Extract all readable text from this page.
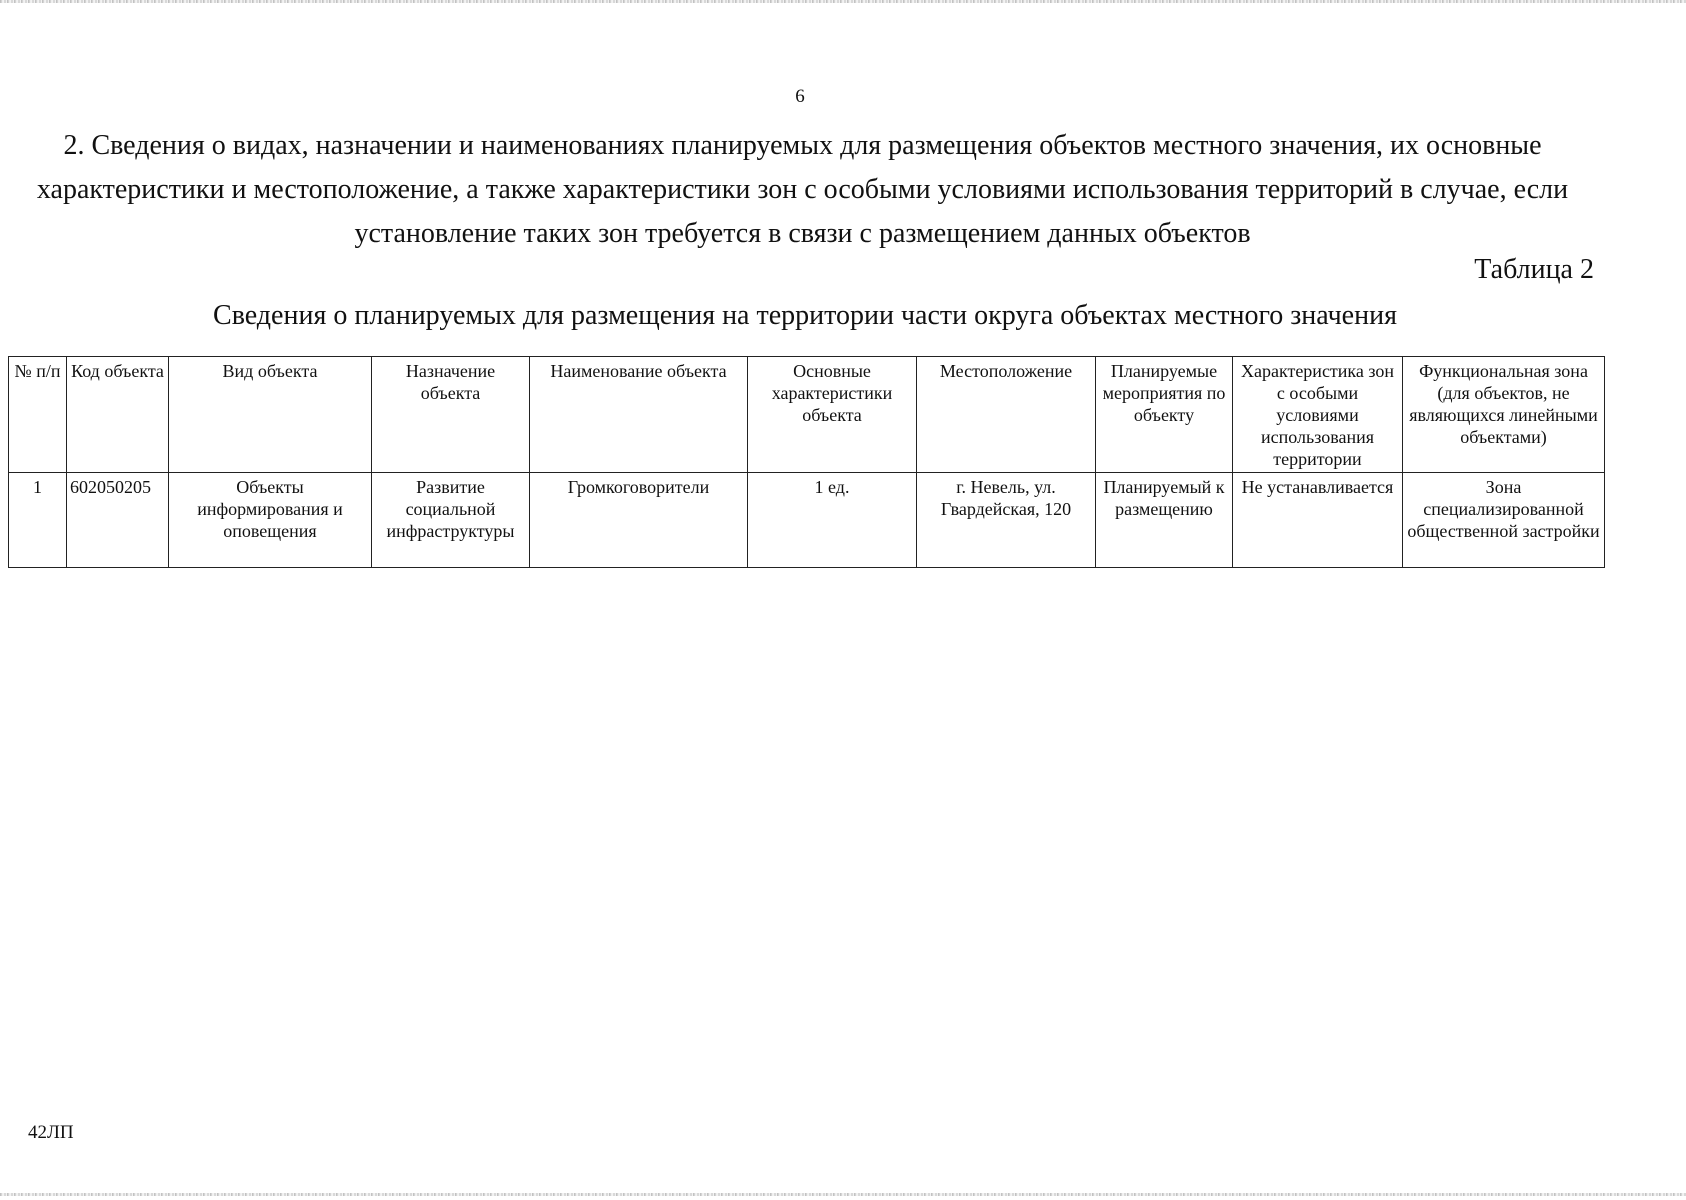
6
2. Сведения о видах, назначении и наименованиях планируемых для размещения объектов местного значения, их основные характеристики и местоположение, а также характеристики зон с особыми условиями использования территорий в случае, если установление таких зон требуется в связи с размещением данных объектов
Таблица 2
Сведения о планируемых для размещения на территории части округа объектах местного значения
№ п/п	Код объекта	Вид объекта	Назначение объекта	Наименование объекта	Основные характеристики объекта	Местоположение	Планируемые мероприятия по объекту	Характеристика зон с особыми условиями использования территории	Функциональная зона (для объектов, не являющихся линейными объектами)
1	602050205	Объекты информирования и оповещения	Развитие социальной инфраструктуры	Громкоговорители	1 ед.	г. Невель, ул. Гвардейская, 120	Планируемый к размещению	Не устанавливается	Зона специализированной общественной застройки
42ЛП
